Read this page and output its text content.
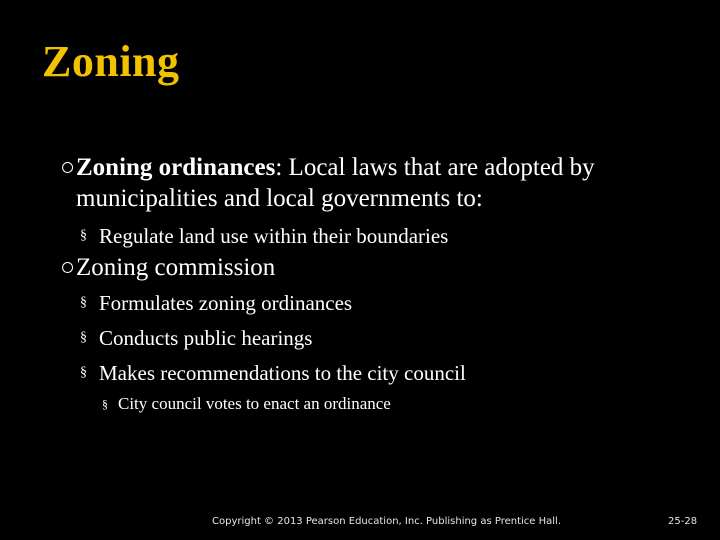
Zoning
○ Zoning ordinances: Local laws that are adopted by municipalities and local governments to:
§ Regulate land use within their boundaries
○ Zoning commission
§ Formulates zoning ordinances
§ Conducts public hearings
§ Makes recommendations to the city council
§ City council votes to enact an ordinance
Copyright © 2013 Pearson Education, Inc. Publishing as Prentice Hall.	25-28
